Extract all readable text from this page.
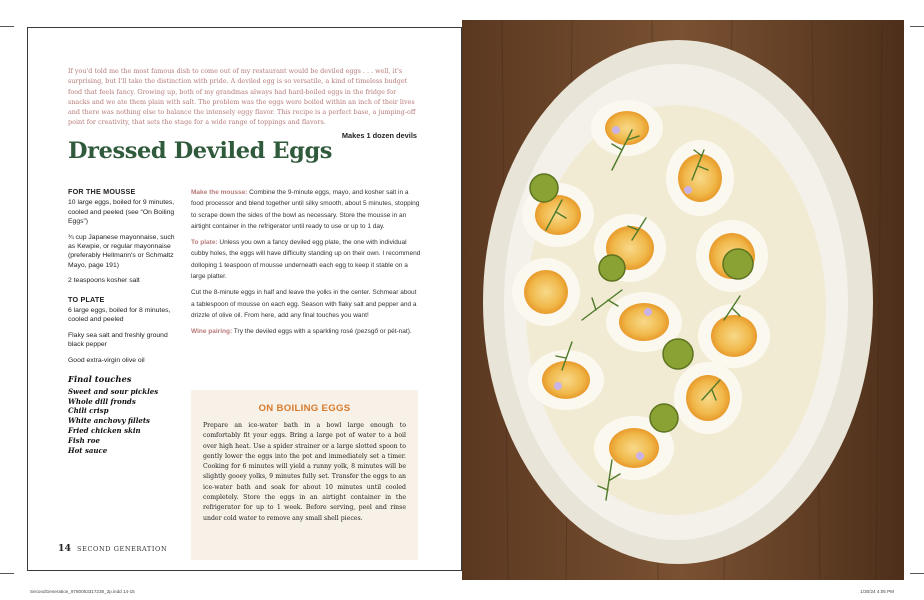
If you'd told me the most famous dish to come out of my restaurant would be deviled eggs . . . well, it's surprising, but I'll take the distinction with pride. A deviled egg is so versatile, a kind of timeless budget food that feels fancy. Growing up, both of my grandmas always had hard-boiled eggs in the fridge for snacks and we ate them plain with salt. The problem was the eggs were boiled within an inch of their lives and there was nothing else to balance the intensely eggy flavor. This recipe is a perfect base, a jumping-off point for creativity, that sets the stage for a wide range of toppings and flavors.

Makes 1 dozen devils
Dressed Deviled Eggs
FOR THE MOUSSE

10 large eggs, boiled for 9 minutes, cooled and peeled (see “On Boiling Eggs”)

¾ cup Japanese mayonnaise, such as Kewpie, or regular mayonnaise (preferably Hellmann's or Schmaltz Mayo, page 191)

2 teaspoons kosher salt

TO PLATE

6 large eggs, boiled for 8 minutes, cooled and peeled

Flaky sea salt and freshly ground black pepper

Good extra-virgin olive oil

Final touches
Sweet and sour pickles
Whole dill fronds
Chili crisp
White anchovy fillets
Fried chicken skin
Fish roe
Hot sauce

Make the mousse: Combine the 9-minute eggs, mayo, and kosher salt in a food processor and blend together until silky smooth, about 5 minutes, stopping to scrape down the sides of the bowl as necessary. Store the mousse in an airtight container in the refrigerator until ready to use or up to 1 day.

To plate: Unless you own a fancy deviled egg plate, the one with individual cubby holes, the eggs will have difficulty standing up on their own. I recommend dolloping 1 teaspoon of mousse underneath each egg to keep it stable on a large platter.

Cut the 8-minute eggs in half and leave the yolks in the center. Schmear about a tablespoon of mousse on each egg. Season with flaky salt and pepper and a drizzle of olive oil. From here, add any final touches you want!

Wine pairing: Try the deviled eggs with a sparkling rosé (pezsgő or pét-nat).

ON BOILING EGGS

Prepare an ice-water bath in a bowl large enough to comfortably fit your eggs. Bring a large pot of water to a boil over high heat. Use a spider strainer or a large slotted spoon to gently lower the eggs into the pot and immediately set a timer. Cooking for 6 minutes will yield a runny yolk, 8 minutes will be slightly gooey yolks, 9 minutes fully set. Transfer the eggs to an ice-water bath and soak for about 10 minutes until cooled completely. Store the eggs in an airtight container in the refrigerator for up to 1 week. Before serving, peel and rinse under cold water to remove any small shell pieces.

14 SECOND GENERATION
SecondGeneration_9780063317238_2p.indd 14-15	1/30/24 4:05 PM
